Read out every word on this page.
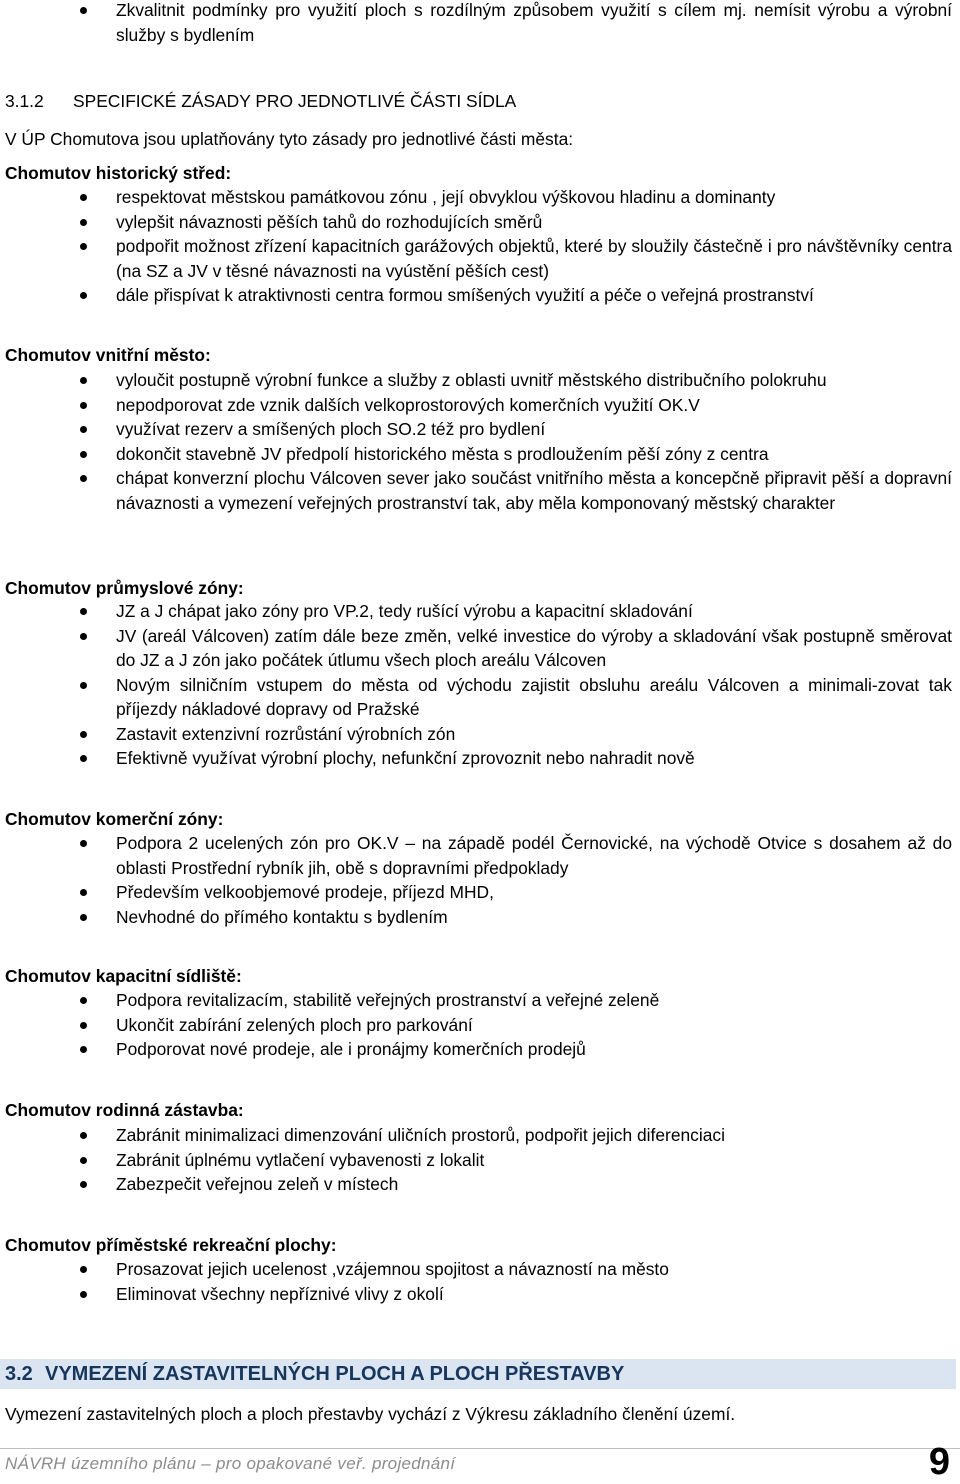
Zkvalitnit podmínky pro využití ploch s rozdílným způsobem využití s cílem mj. nemísit výrobu a výrobní služby s bydlením
3.1.2 SPECIFICKÉ ZÁSADY PRO JEDNOTLIVÉ ČÁSTI SÍDLA
V ÚP Chomutova jsou uplatňovány tyto zásady pro jednotlivé části města:
Chomutov historický střed:
respektovat městskou památkovou zónu , její obvyklou výškovou hladinu a dominanty
vylepšit návaznosti pěších tahů do rozhodujících směrů
podpořit možnost zřízení kapacitních garážových objektů, které by sloužily částečně i pro návštěvníky centra (na SZ a JV v těsné návaznosti na vyústění pěších cest)
dále přispívat k atraktivnosti centra formou smíšených využití a péče o veřejná prostranství
Chomutov vnitřní město:
vyloučit postupně výrobní funkce a služby z oblasti uvnitř městského distribučního polokruhu
nepodporovat zde vznik dalších velkoprostorových komerčních využití OK.V
využívat rezerv a smíšených ploch SO.2 též pro bydlení
dokončit stavebně JV předpolí historického města s prodloužením pěší zóny z centra
chápat konverzní plochu Válcoven sever jako součást vnitřního města a koncepčně připravit pěší a dopravní návaznosti a vymezení veřejných prostranství tak, aby měla komponovaný městský charakter
Chomutov průmyslové zóny:
JZ a J chápat jako zóny pro VP.2, tedy rušící výrobu a kapacitní skladování
JV (areál Válcoven) zatím dále beze změn, velké investice do výroby a skladování však postupně směrovat do JZ a J zón jako počátek útlumu všech ploch areálu Válcoven
Novým silničním vstupem do města od východu zajistit obsluhu areálu Válcoven a minimali-zovat tak příjezdy nákladové dopravy od Pražské
Zastavit extenzivní rozrůstání výrobních zón
Efektivně využívat výrobní plochy, nefunkční zprovoznit nebo nahradit nově
Chomutov komerční zóny:
Podpora 2 ucelených zón pro OK.V – na západě podél Černovické, na východě Otvice s dosahem až do oblasti Prostřední rybník jih, obě s dopravními předpoklady
Především velkoobjemové prodeje, příjezd MHD,
Nevhodné do přímého kontaktu s bydlením
Chomutov kapacitní sídliště:
Podpora revitalizacím, stabilitě veřejných prostranství a veřejné zeleně
Ukončit zabírání zelených ploch pro parkování
Podporovat nové prodeje, ale i pronájmy komerčních prodejů
Chomutov rodinná zástavba:
Zabránit minimalizaci dimenzování uličních prostorů, podpořit jejich diferenciaci
Zabránit úplnému vytlačení vybavenosti z lokalit
Zabezpečit veřejnou zeleň v místech
Chomutov příměstské rekreační plochy:
Prosazovat jejich ucelenost ,vzájemnou spojitost a návazností na město
Eliminovat všechny nepříznivé vlivy z okolí
3.2 VYMEZENÍ ZASTAVITELNÝCH PLOCH A PLOCH PŘESTAVBY
Vymezení zastavitelných ploch a ploch přestavby vychází z Výkresu základního členění území.
NÁVRH územního plánu – pro opakované veř. projednání	9
